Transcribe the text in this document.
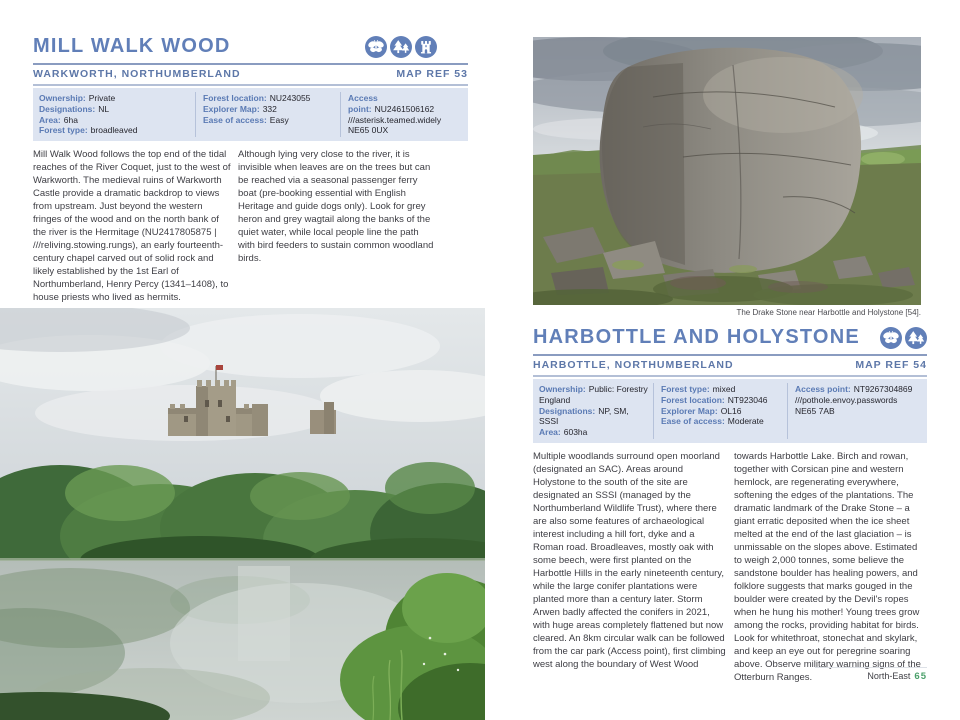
MILL WALK WOOD
WARKWORTH, NORTHUMBERLAND	MAP REF 53
Ownership: Private
Designations: NL
Area: 6ha
Forest type: broadleaved
Forest location: NU243055
Explorer Map: 332
Ease of access: Easy
Access point: NU2461506162
///asterisk.teamed.widely
NE65 0UX
Mill Walk Wood follows the top end of the tidal reaches of the River Coquet, just to the west of Warkworth. The medieval ruins of Warkworth Castle provide a dramatic backdrop to views from upstream. Just beyond the western fringes of the wood and on the north bank of the river is the Hermitage (NU2417805875 | ///reliving.stowing.rungs), an early fourteenth-century chapel carved out of solid rock and likely established by the 1st Earl of Northumberland, Henry Percy (1341–1408), to house priests who lived as hermits.
Although lying very close to the river, it is invisible when leaves are on the trees but can be reached via a seasonal passenger ferry boat (pre-booking essential with English Heritage and guide dogs only). Look for grey heron and grey wagtail along the banks of the quiet water, while local people line the path with bird feeders to sustain common woodland birds.
The Drake Stone near Harbottle and Holystone [54].
HARBOTTLE AND HOLYSTONE
HARBOTTLE, NORTHUMBERLAND	MAP REF 54
Ownership: Public: Forestry England
Designations: NP, SM, SSSI
Area: 603ha
Forest type: mixed
Forest location: NT923046
Explorer Map: OL16
Ease of access: Moderate
Access point: NT9267304869
///pothole.envoy.passwords
NE65 7AB
Multiple woodlands surround open moorland (designated an SAC). Areas around Holystone to the south of the site are designated an SSSI (managed by the Northumberland Wildlife Trust), where there are also some features of archaeological interest including a hill fort, dyke and a Roman road. Broadleaves, mostly oak with some beech, were first planted on the Harbottle Hills in the early nineteenth century, while the large conifer plantations were planted more than a century later. Storm Arwen badly affected the conifers in 2021, with huge areas completely flattened but now cleared. An 8km circular walk can be followed from the car park (Access point), first climbing west along the boundary of West Wood
towards Harbottle Lake. Birch and rowan, together with Corsican pine and western hemlock, are regenerating everywhere, softening the edges of the plantations. The dramatic landmark of the Drake Stone – a giant erratic deposited when the ice sheet melted at the end of the last glaciation – is unmissable on the slopes above. Estimated to weigh 2,000 tonnes, some believe the sandstone boulder has healing powers, and folklore suggests that marks gouged in the boulder were created by the Devil's ropes when he hung his mother! Young trees grow among the rocks, providing habitat for birds. Look for whitethroat, stonechat and skylark, and keep an eye out for peregrine soaring above. Observe military warning signs of the Otterburn Ranges.	North-East 65
